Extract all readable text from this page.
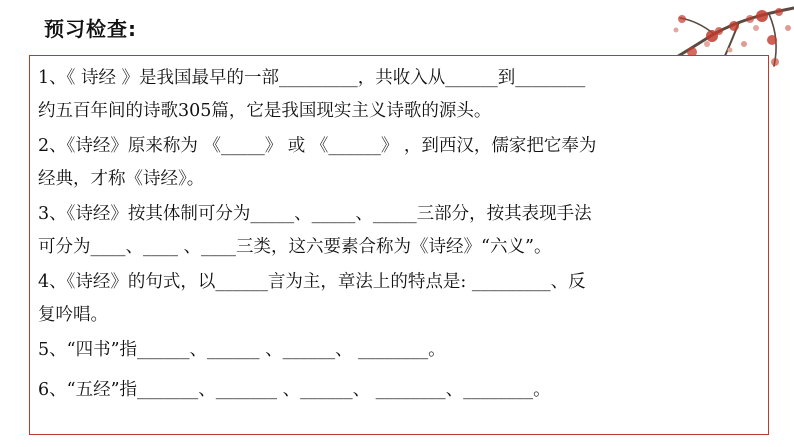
预习检查:
1、《 诗经 》是我国最早的一部_________，共收入从______到________
约五百年间的诗歌305篇，它是我国现实主义诗歌的源头。
2、《诗经》原来称为 《_____》 或 《______》 ，到西汉，儒家把它奉为
经典，才称《诗经》。
3、《诗经》按其体制可分为_____、_____、_____三部分，按其表现手法
可分为____、____ 、____三类，这六要素合称为《诗经》“六义”。
4、《诗经》的句式，以______言为主，章法上的特点是: _________、反
复吟唱。
5、“四书”指______、______ 、______、 ________。
6、“五经”指_______、_______ 、______、 ________、________。
